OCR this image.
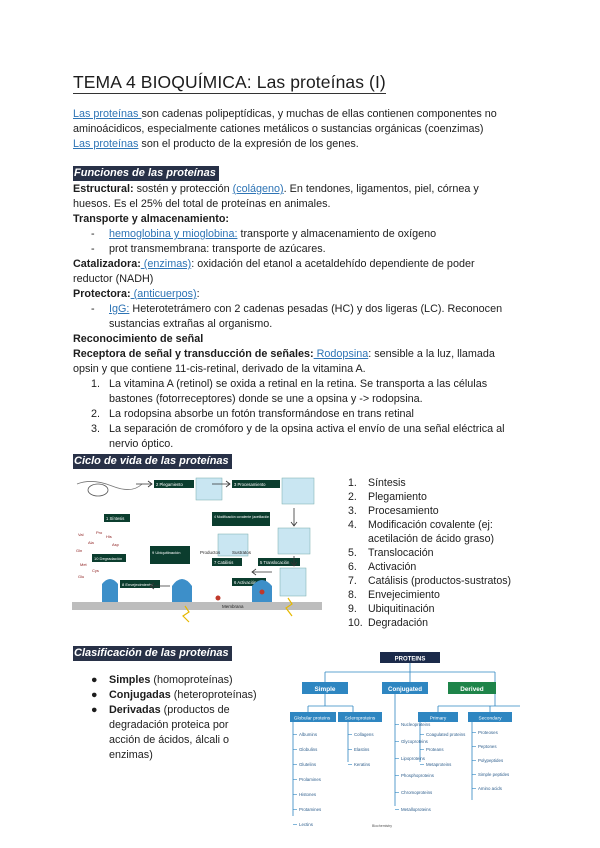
TEMA 4 BIOQUÍMICA: Las proteínas (I)
Las proteínas son cadenas polipeptídicas, y muchas de ellas contienen componentes no
aminoácidicos, especialmente cationes metálicos o sustancias orgánicas (coenzimas)
Las proteínas son el producto de la expresión de los genes.
Funciones de las proteínas
Estructural: sostén y protección (colágeno). En tendones, ligamentos, piel, córnea y
huesos. Es el 25% del total de proteínas en animales.
Transporte y almacenamiento:
- hemoglobina y mioglobina: transporte y almacenamiento de oxígeno
- prot transmembrana: transporte de azúcares.
Catalizadora: (enzimas): oxidación del etanol a acetaldehído dependiente de poder
reductor (NADH)
Protectora: (anticuerpos):
- IgG: Heterotetrámero con 2 cadenas pesadas (HC) y dos ligeras (LC). Reconocen
sustancias extrañas al organismo.
Reconocimiento de señal
Receptora de señal y transducción de señales: Rodopsina: sensible a la luz, llamada
opsin y que contiene 11-cis-retinal, derivado de la vitamina A.
1. La vitamina A (retinol) se oxida a retinal en la retina. Se transporta a las células
bastones (fotorreceptores) donde se une a opsina y -> rodopsina.
2. La rodopsina absorbe un fotón transformándose en trans retinal
3. La separación de cromóforo y de la opsina activa el envío de una señal eléctrica al
nervio óptico.
Ciclo de vida de las proteínas
Membrana
2 Plegamiento	3 Procesamiento
1 Síntesis	4 Modificación covalente (acetilación de ácido graso)
9 Ubiquitinación
10 Degradación
7 Catálisis	5 Translocación
8 Envejecimiento	6 Activación
Productos	Sustratos
Val
Ala
Gln
Pro
His
Asp
Met
Cys
Glu
1. Síntesis
2. Plegamiento
3. Procesamiento
4. Modificación covalente (ej:
acetilación de ácido graso)
5. Translocación
6. Activación
7. Catálisis (productos-sustratos)
8. Envejecimiento
9. Ubiquitinación
10. Degradación
Clasificación de las proteínas
● Simples (homoproteínas)
● Conjugadas (heteroproteínas)
● Derivadas (productos de
degradación proteica por
acción de ácidos, álcali o
enzimas)
PROTEINS
Simple	Conjugated	Derived
Globular proteins	Scleroproteins	Primary	Secondary
Albumins
Globulins
Glutelins
Prolamines
Histones
Protamines
Lectins
Collagens
Elastins
Keratins
Nucleoproteins
Glycoproteins
Lipoproteins
Phosphoproteins
Chromoproteins
Metalloproteins
Coagulated proteins
Proteans
Metaproteins
Proteoses
Peptones
Polypeptides
Simple peptides
Amino acids
Biochemistry
